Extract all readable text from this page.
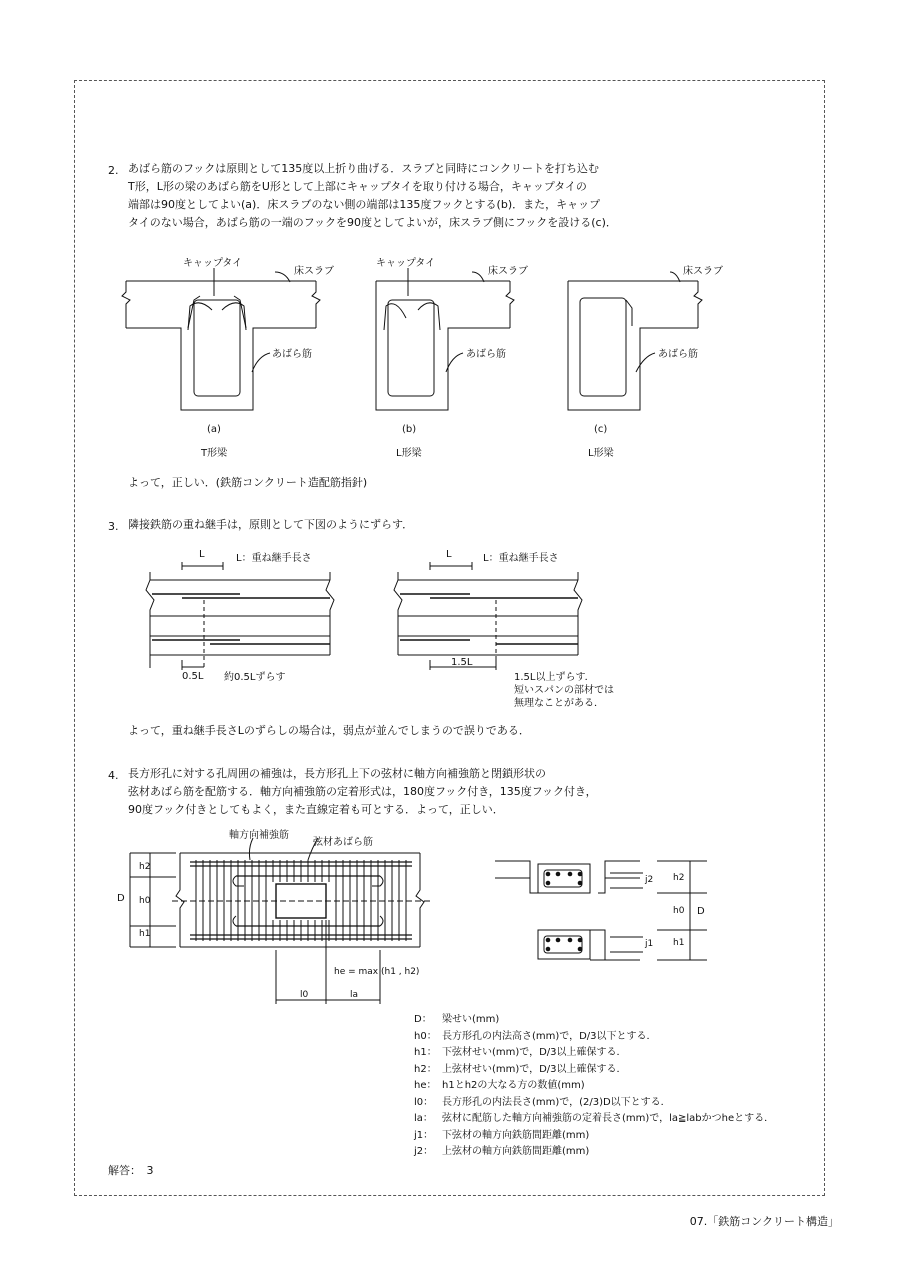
2. あばら筋のフックは原則として135度以上折り曲げる．スラブと同時にコンクリートを打ち込む

T形，L形の梁のあばら筋をU形として上部にキャップタイを取り付ける場合，キャップタイの

端部は90度としてよい(a)．床スラブのない側の端部は135度フックとする(b)．また，キャップ

タイのない場合，あばら筋の一端のフックを90度としてよいが，床スラブ側にフックを設ける(c)．

キャップタイ
床スラブ
あばら筋
キャップタイ
床スラブ
あばら筋
床スラブ
あばら筋
(a)
T形梁
(b)
L形梁
(c)
L形梁

よって，正しい．(鉄筋コンクリート造配筋指針)

3. 隣接鉄筋の重ね継手は，原則として下図のようにずらす．

L	L：重ね継手長さ	L	L：重ね継手長さ
0.5L 約0.5Lずらす
1.5L
1.5L以上ずらす．
短いスパンの部材では
無理なことがある．

よって，重ね継手長さLのずらしの場合は，弱点が並んでしまうので誤りである．

4. 長方形孔に対する孔周囲の補強は，長方形孔上下の弦材に軸方向補強筋と閉鎖形状の

弦材あばら筋を配筋する．軸方向補強筋の定着形式は，180度フック付き，135度フック付き，

90度フック付きとしてもよく，また直線定着も可とする．よって，正しい．

軸方向補強筋
弦材あばら筋
D
h2
h0
h1
he = max (h1 , h2)
l0	la
j2
j1
h2
h0
h1
D
D： 梁せい(mm)
h0： 長方形孔の内法高さ(mm)で，D/3以下とする．
h1： 下弦材せい(mm)で，D/3以上確保する．
h2： 上弦材せい(mm)で，D/3以上確保する．
he： h1とh2の大なる方の数値(mm)
l0： 長方形孔の内法長さ(mm)で，(2/3)D以下とする．
la： 弦材に配筋した軸方向補強筋の定着長さ(mm)で，la≧labかつheとする．
j1： 下弦材の軸方向鉄筋間距離(mm)
j2： 上弦材の軸方向鉄筋間距離(mm)
解答：　3
07.「鉄筋コンクリート構造」
